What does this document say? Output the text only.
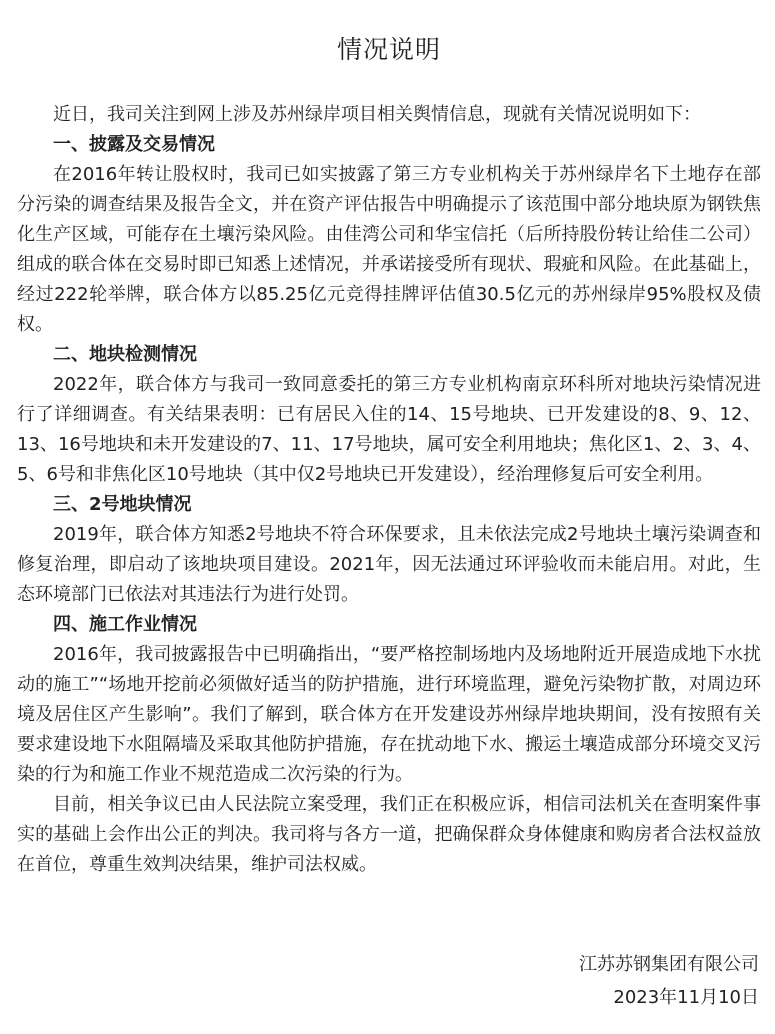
情况说明

近日，我司关注到网上涉及苏州绿岸项目相关舆情信息，现就有关情况说明如下：

一、披露及交易情况

在2016年转让股权时，我司已如实披露了第三方专业机构关于苏州绿岸名下土地存在部分污染的调查结果及报告全文，并在资产评估报告中明确提示了该范围中部分地块原为钢铁焦化生产区域，可能存在土壤污染风险。由佳湾公司和华宝信托（后所持股份转让给佳二公司）组成的联合体在交易时即已知悉上述情况，并承诺接受所有现状、瑕疵和风险。在此基础上，经过222轮举牌，联合体方以85.25亿元竞得挂牌评估值30.5亿元的苏州绿岸95%股权及债权。

二、地块检测情况

2022年，联合体方与我司一致同意委托的第三方专业机构南京环科所对地块污染情况进行了详细调查。有关结果表明：已有居民入住的14、15号地块、已开发建设的8、9、12、13、16号地块和未开发建设的7、11、17号地块，属可安全利用地块；焦化区1、2、3、4、5、6号和非焦化区10号地块（其中仅2号地块已开发建设），经治理修复后可安全利用。

三、2号地块情况

2019年，联合体方知悉2号地块不符合环保要求，且未依法完成2号地块土壤污染调查和修复治理，即启动了该地块项目建设。2021年，因无法通过环评验收而未能启用。对此，生态环境部门已依法对其违法行为进行处罚。

四、施工作业情况

2016年，我司披露报告中已明确指出，“要严格控制场地内及场地附近开展造成地下水扰动的施工”“场地开挖前必须做好适当的防护措施，进行环境监理，避免污染物扩散，对周边环境及居住区产生影响”。我们了解到，联合体方在开发建设苏州绿岸地块期间，没有按照有关要求建设地下水阻隔墙及采取其他防护措施，存在扰动地下水、搬运土壤造成部分环境交叉污染的行为和施工作业不规范造成二次污染的行为。

目前，相关争议已由人民法院立案受理，我们正在积极应诉，相信司法机关在查明案件事实的基础上会作出公正的判决。我司将与各方一道，把确保群众身体健康和购房者合法权益放在首位，尊重生效判决结果，维护司法权威。

江苏苏钢集团有限公司
2023年11月10日
